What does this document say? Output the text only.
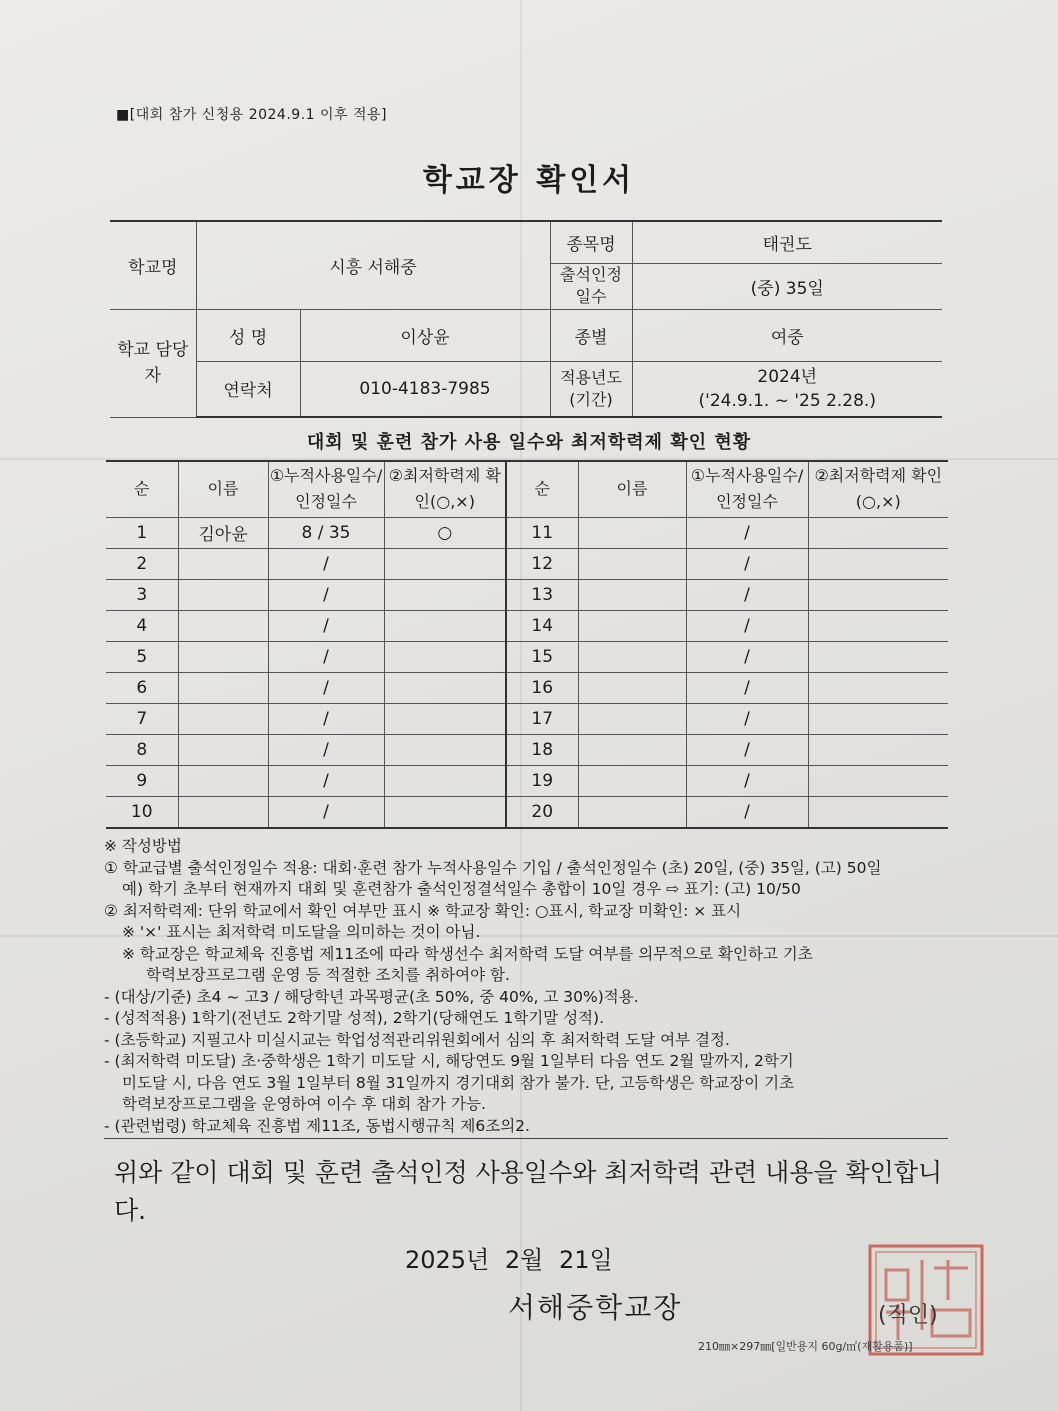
■[대회 참가 신청용 2024.9.1 이후 적용]
학교장 확인서
학교명	시흥 서해중		종목명	태권도
			출석인정 일수	(중) 35일
학교 담당자	성 명	이상윤	종별	여중
	연락처	010-4183-7985	적용년도 (기간)	2024년
('24.9.1. ~ '25 2.28.)
대회 및 훈련 참가 사용 일수와 최저학력제 확인 현황
순	이름	①누적사용일수/인정일수	②최저학력제 확인(○,×)	순	이름	①누적사용일수/인정일수	②최저학력제 확인(○,×)
1	김아윤	8 / 35	○	11		/	
2		/		12		/	
3		/		13		/	
4		/		14		/	
5		/		15		/	
6		/		16		/	
7		/		17		/	
8		/		18		/	
9		/		19		/	
10		/		20		/	
※ 작성방법
① 학교급별 출석인정일수 적용: 대회·훈련 참가 누적사용일수 기입 / 출석인정일수 (초) 20일, (중) 35일, (고) 50일
예) 학기 초부터 현재까지 대회 및 훈련참가 출석인정결석일수 총합이 10일 경우 ⇨ 표기: (고) 10/50
② 최저학력제: 단위 학교에서 확인 여부만 표시 ※ 학교장 확인: ○표시, 학교장 미확인: × 표시
※ '×' 표시는 최저학력 미도달을 의미하는 것이 아님.
※ 학교장은 학교체육 진흥법 제11조에 따라 학생선수 최저학력 도달 여부를 의무적으로 확인하고 기초
학력보장프로그램 운영 등 적절한 조치를 취하여야 함.
- (대상/기준) 초4 ~ 고3 / 해당학년 과목평균(초 50%, 중 40%, 고 30%)적용.
- (성적적용) 1학기(전년도 2학기말 성적), 2학기(당해연도 1학기말 성적).
- (초등학교) 지필고사 미실시교는 학업성적관리위원회에서 심의 후 최저학력 도달 여부 결정.
- (최저학력 미도달) 초·중학생은 1학기 미도달 시, 해당연도 9월 1일부터 다음 연도 2월 말까지, 2학기
미도달 시, 다음 연도 3월 1일부터 8월 31일까지 경기대회 참가 불가. 단, 고등학생은 학교장이 기초
학력보장프로그램을 운영하여 이수 후 대회 참가 가능.
- (관련법령) 학교체육 진흥법 제11조, 동법시행규칙 제6조의2.
위와 같이 대회 및 훈련 출석인정 사용일수와 최저학력 관련 내용을 확인합니다.
2025년 2월 21일
서해중학교장	(직인)
210㎜×297㎜[일반용지 60g/㎡(재활용품)]
